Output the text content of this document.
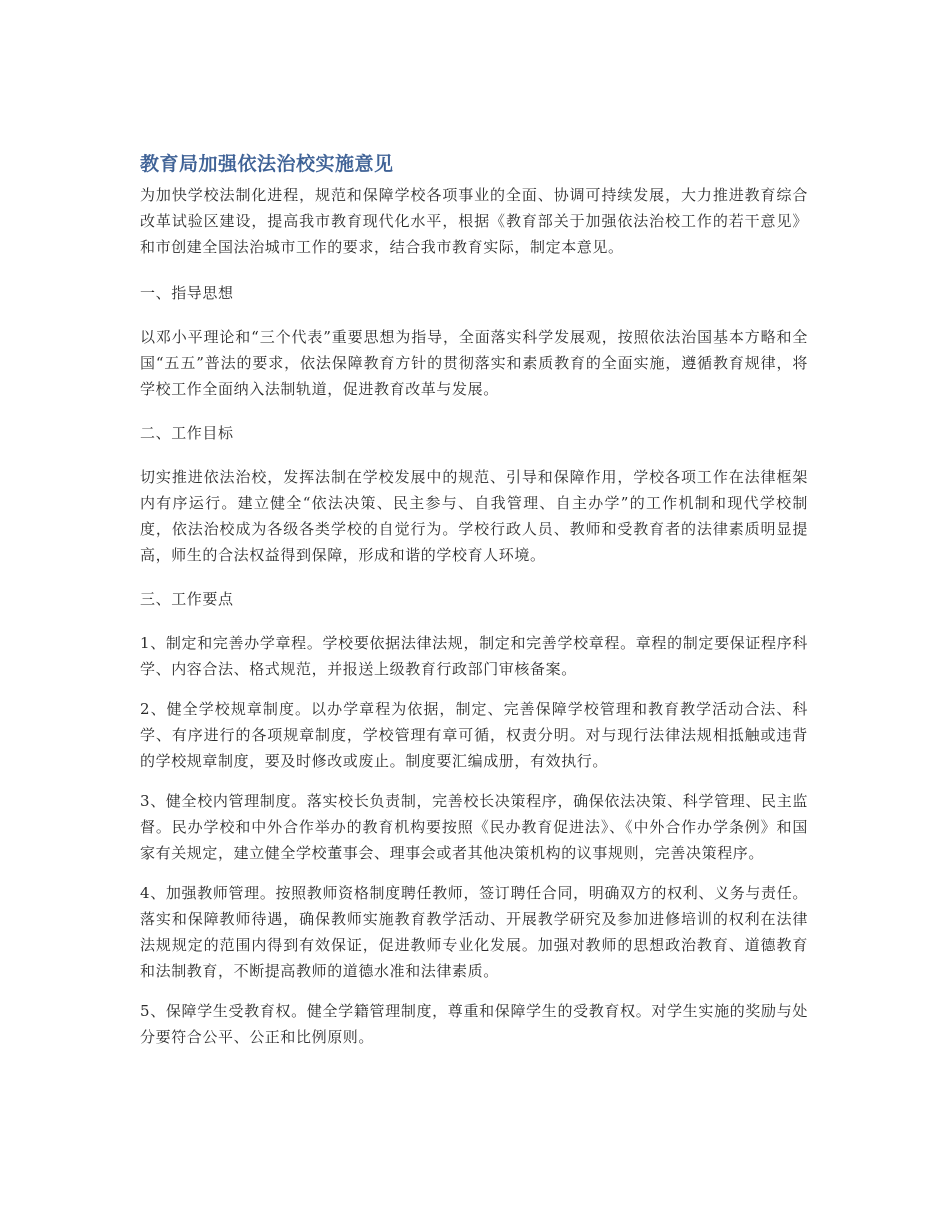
教育局加强依法治校实施意见

为加快学校法制化进程，规范和保障学校各项事业的全面、协调可持续发展，大力推进教育综合改革试验区建设，提高我市教育现代化水平，根据《教育部关于加强依法治校工作的若干意见》和市创建全国法治城市工作的要求，结合我市教育实际，制定本意见。

一、指导思想

以邓小平理论和“三个代表”重要思想为指导，全面落实科学发展观，按照依法治国基本方略和全国“五五”普法的要求，依法保障教育方针的贯彻落实和素质教育的全面实施，遵循教育规律，将学校工作全面纳入法制轨道，促进教育改革与发展。

二、工作目标

切实推进依法治校，发挥法制在学校发展中的规范、引导和保障作用，学校各项工作在法律框架内有序运行。建立健全“依法决策、民主参与、自我管理、自主办学”的工作机制和现代学校制度，依法治校成为各级各类学校的自觉行为。学校行政人员、教师和受教育者的法律素质明显提高，师生的合法权益得到保障，形成和谐的学校育人环境。

三、工作要点

1、制定和完善办学章程。学校要依据法律法规，制定和完善学校章程。章程的制定要保证程序科学、内容合法、格式规范，并报送上级教育行政部门审核备案。

2、健全学校规章制度。以办学章程为依据，制定、完善保障学校管理和教育教学活动合法、科学、有序进行的各项规章制度，学校管理有章可循，权责分明。对与现行法律法规相抵触或违背的学校规章制度，要及时修改或废止。制度要汇编成册，有效执行。

3、健全校内管理制度。落实校长负责制，完善校长决策程序，确保依法决策、科学管理、民主监督。民办学校和中外合作举办的教育机构要按照《民办教育促进法》、《中外合作办学条例》和国家有关规定，建立健全学校董事会、理事会或者其他决策机构的议事规则，完善决策程序。

4、加强教师管理。按照教师资格制度聘任教师，签订聘任合同，明确双方的权利、义务与责任。落实和保障教师待遇，确保教师实施教育教学活动、开展教学研究及参加进修培训的权利在法律法规规定的范围内得到有效保证，促进教师专业化发展。加强对教师的思想政治教育、道德教育和法制教育，不断提高教师的道德水准和法律素质。

5、保障学生受教育权。健全学籍管理制度，尊重和保障学生的受教育权。对学生实施的奖励与处分要符合公平、公正和比例原则。
